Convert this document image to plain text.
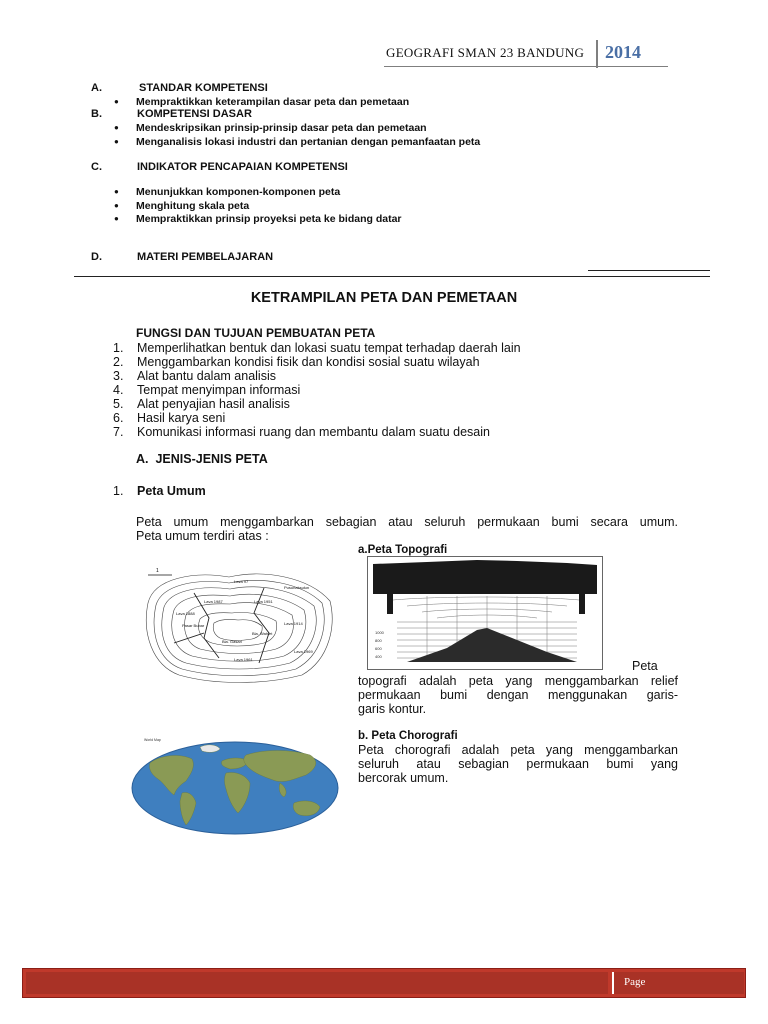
GEOGRAFI SMAN 23 BANDUNG 2014
A.	STANDAR KOMPETENSI
● Mempraktikkan keterampilan dasar peta dan pemetaan
B.	KOMPETENSI DASAR
● Mendeskripsikan prinsip-prinsip dasar peta dan pemetaan
● Menganalisis lokasi industri dan pertanian dengan pemanfaatan peta
C.	INDIKATOR PENCAPAIAN KOMPETENSI
● Menunjukkan komponen-komponen peta
● Menghitung skala peta
● Mempraktikkan prinsip proyeksi peta ke bidang datar
D.	MATERI PEMBELAJARAN
KETRAMPILAN PETA DAN PEMETAAN
FUNGSI DAN TUJUAN PEMBUATAN PETA
1. Memperlihatkan bentuk dan lokasi suatu tempat terhadap daerah lain
2. Menggambarkan kondisi fisik dan kondisi sosial suatu wilayah
3. Alat bantu dalam analisis
4. Tempat menyimpan informasi
5. Alat penyajian hasil analisis
6. Hasil karya seni
7. Komunikasi informasi ruang dan membantu dalam suatu desain
A. JENIS-JENIS PETA
1. Peta Umum
Peta umum menggambarkan sebagian atau seluruh permukaan bumi secara umum.
Peta umum terdiri atas :
a.Peta Topografi
Lava 97
Pusunaksulun
Lava 1888
Lava 1987	Lava 1951
Lava 1914
Bla. Wahlet
Bla. Gasari
Lava 1961
Lava 1969
Pasar Bubar
1
1000
800
600
400
Peta
topografi adalah peta yang menggambarkan relief
permukaan bumi dengan menggunakan garis-
garis kontur.
World Map	b. Peta Chorografi
Peta chorografi adalah peta yang menggambarkan
seluruh atau sebagian permukaan bumi yang
bercorak umum.
Page
